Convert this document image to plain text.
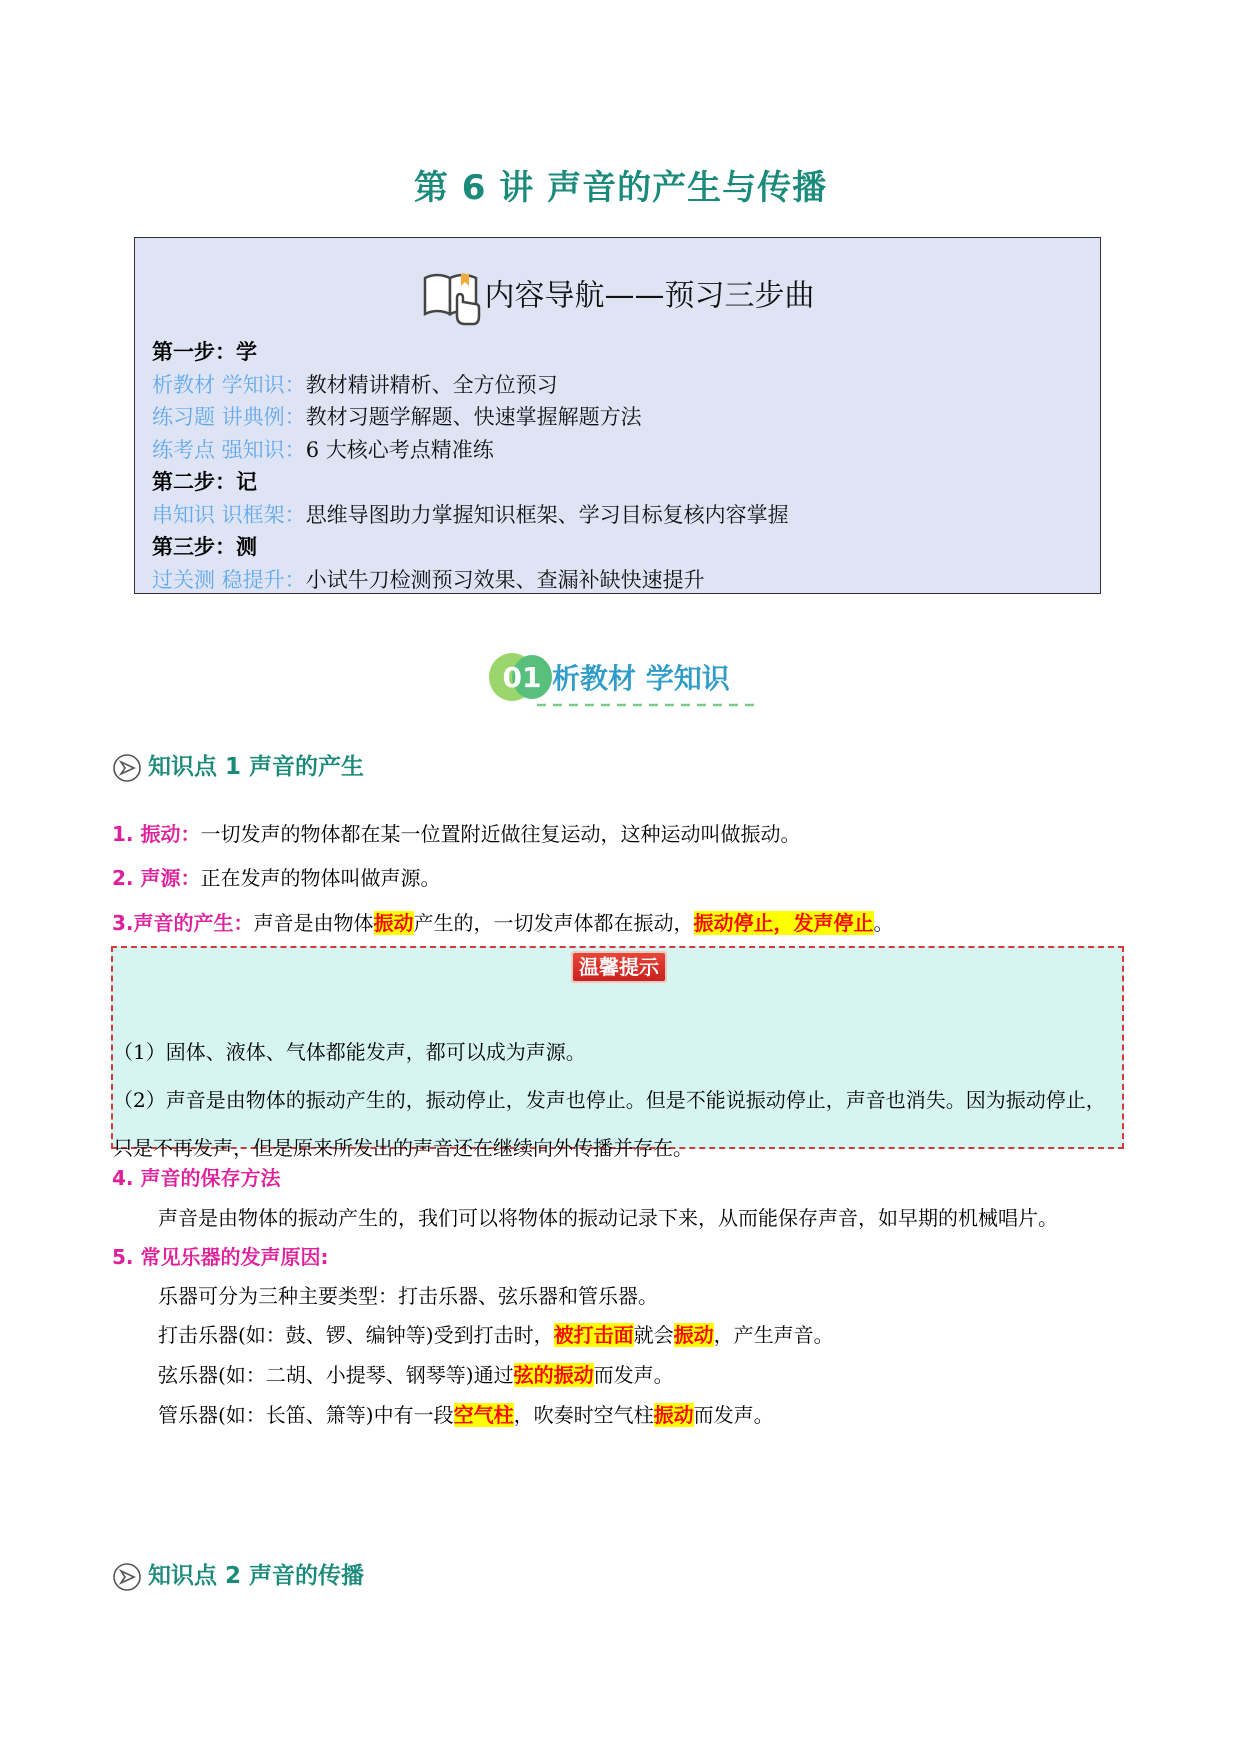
第 6 讲 声音的产生与传播
内容导航——预习三步曲
第一步：学
析教材 学知识：教材精讲精析、全方位预习
练习题 讲典例：教材习题学解题、快速掌握解题方法
练考点 强知识：6 大核心考点精准练
第二步：记
串知识 识框架：思维导图助力掌握知识框架、学习目标复核内容掌握
第三步：测
过关测 稳提升：小试牛刀检测预习效果、查漏补缺快速提升
01 析教材 学知识
知识点 1 声音的产生
1. 振动：一切发声的物体都在某一位置附近做往复运动，这种运动叫做振动。
2. 声源：正在发声的物体叫做声源。
3.声音的产生：声音是由物体振动产生的，一切发声体都在振动，振动停止，发声停止。
温馨提示
（1）固体、液体、气体都能发声，都可以成为声源。
（2）声音是由物体的振动产生的，振动停止，发声也停止。但是不能说振动停止，声音也消失。因为振动停止，只是不再发声，但是原来所发出的声音还在继续向外传播并存在。
4. 声音的保存方法
声音是由物体的振动产生的，我们可以将物体的振动记录下来，从而能保存声音，如早期的机械唱片。
5. 常见乐器的发声原因:
乐器可分为三种主要类型：打击乐器、弦乐器和管乐器。
打击乐器(如：鼓、锣、编钟等)受到打击时，被打击面就会振动，产生声音。
弦乐器(如：二胡、小提琴、钢琴等)通过弦的振动而发声。
管乐器(如：长笛、箫等)中有一段空气柱，吹奏时空气柱振动而发声。
知识点 2 声音的传播
